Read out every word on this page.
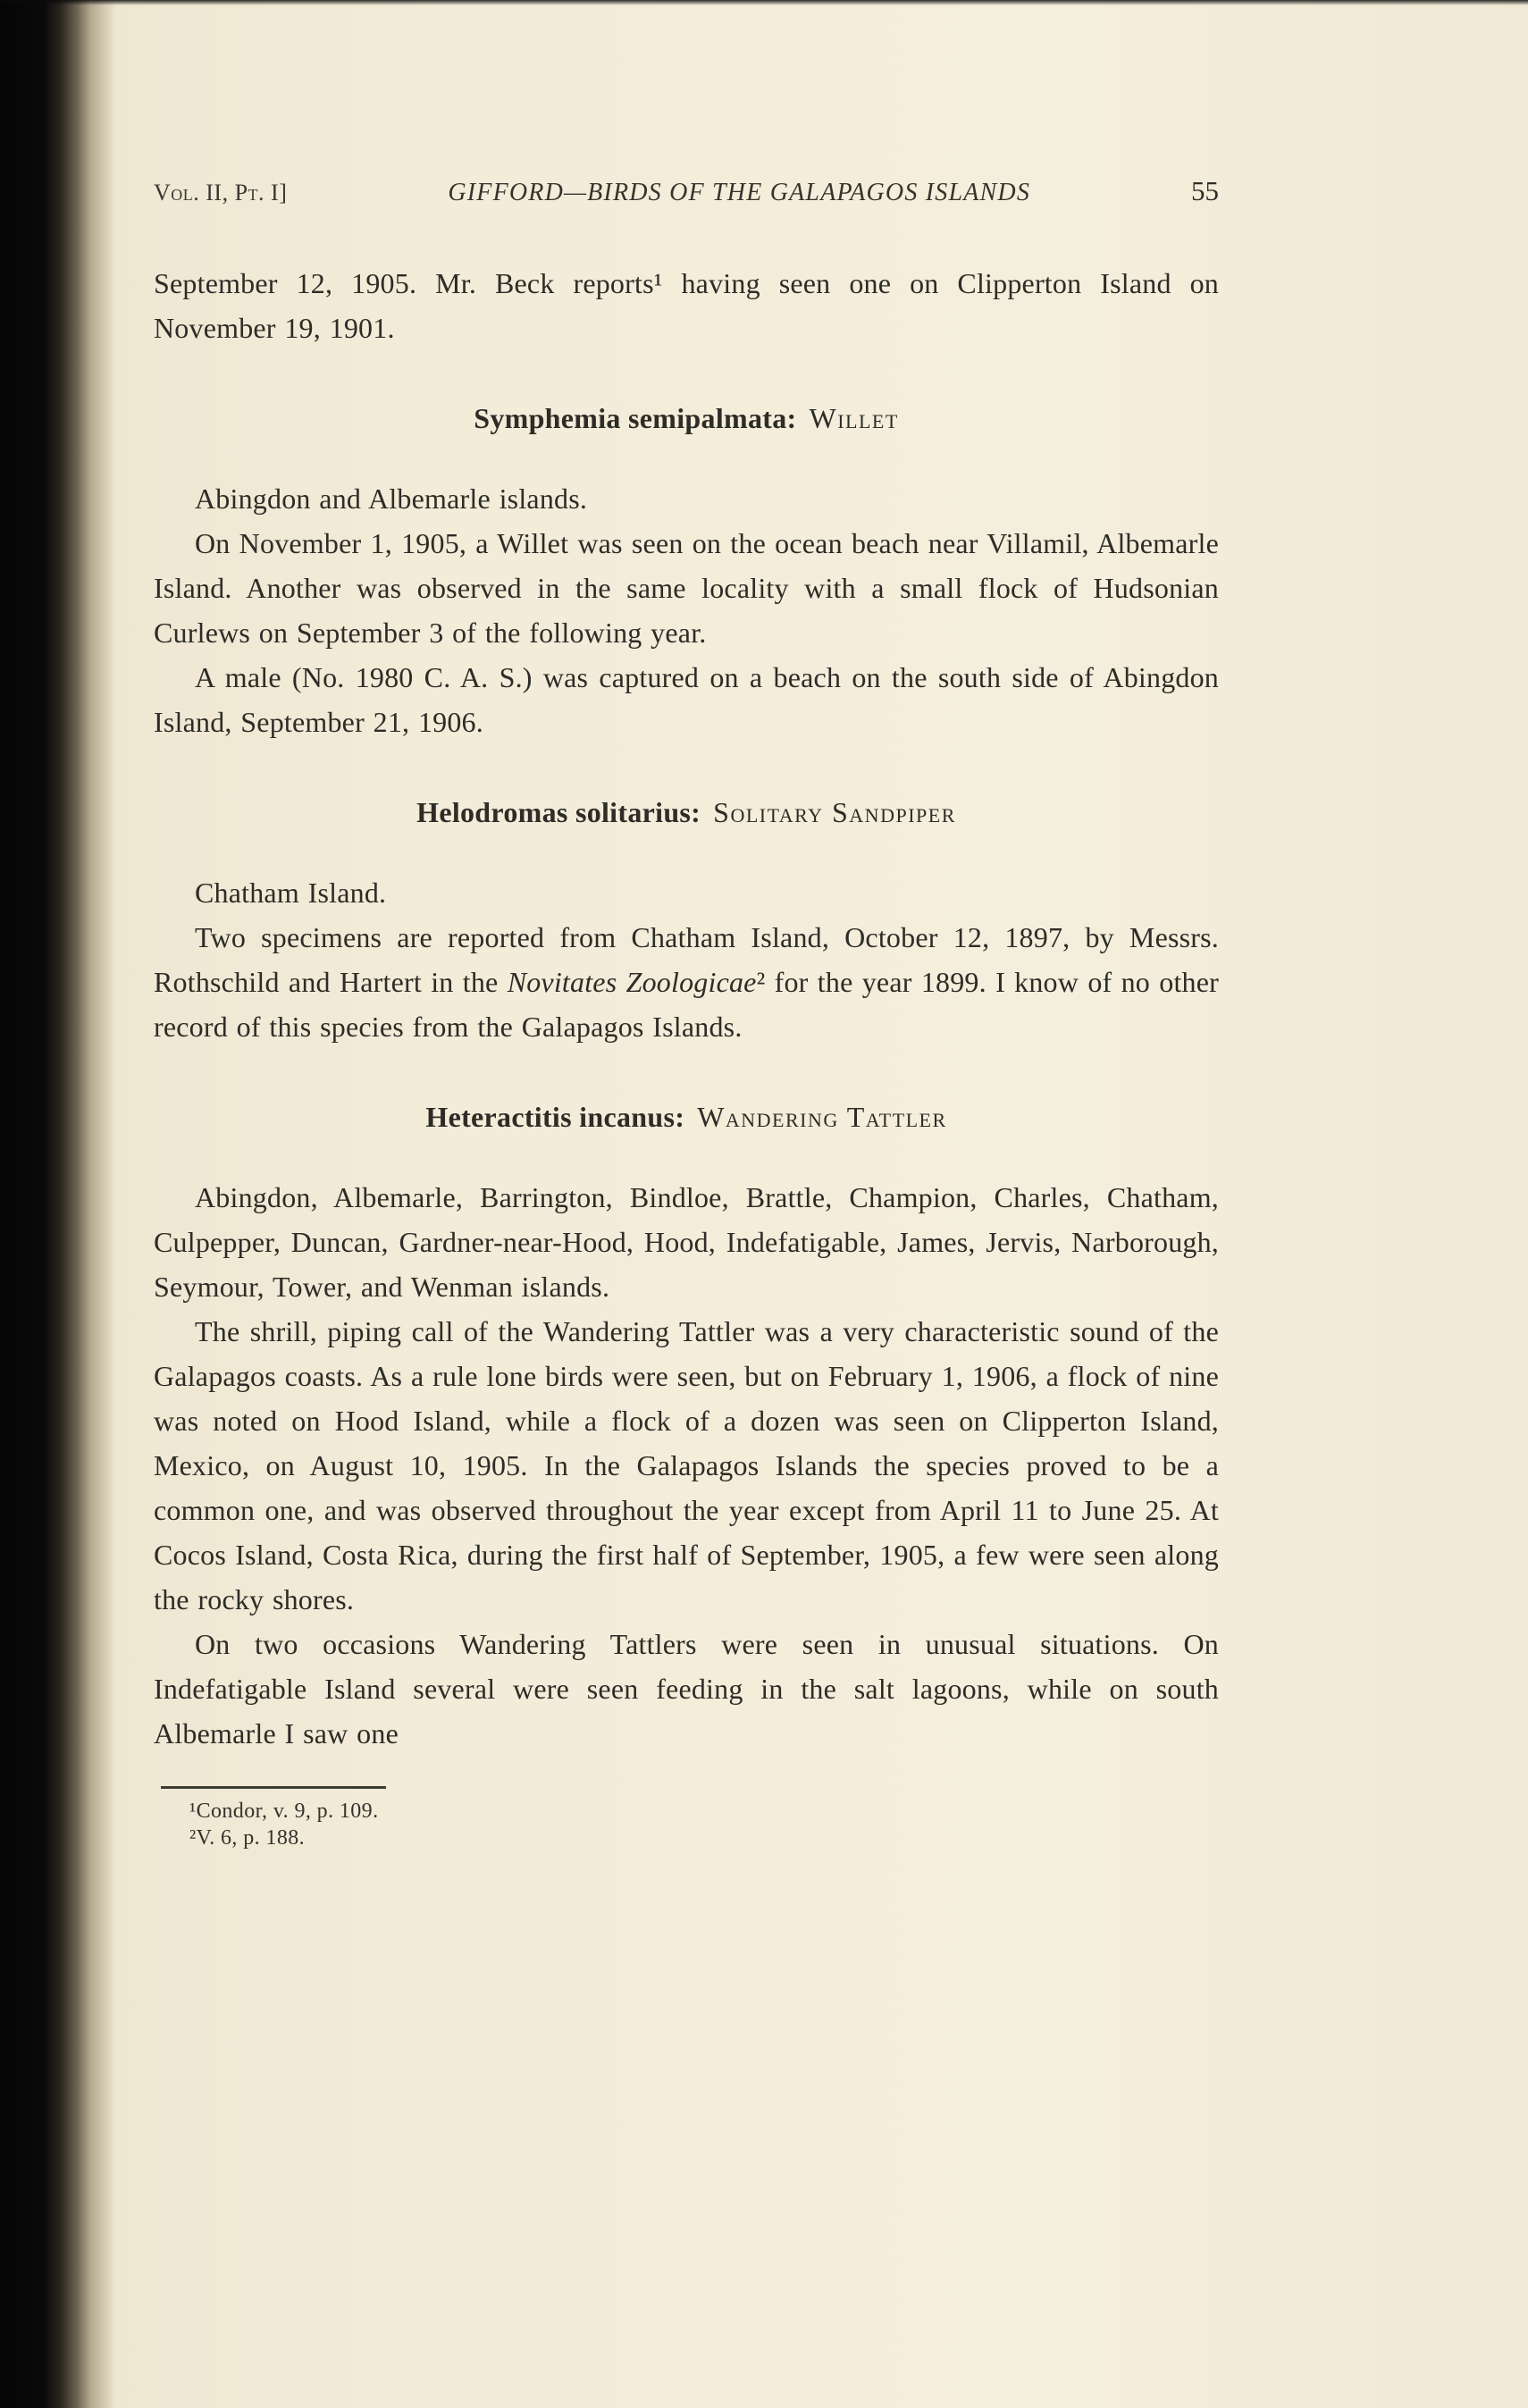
Vol. II, Pt. I]	GIFFORD—BIRDS OF THE GALAPAGOS ISLANDS	55

September 12, 1905. Mr. Beck reports¹ having seen one on Clipperton Island on November 19, 1901.

Symphemia semipalmata: Willet

Abingdon and Albemarle islands.

On November 1, 1905, a Willet was seen on the ocean beach near Villamil, Albemarle Island. Another was observed in the same locality with a small flock of Hudsonian Curlews on September 3 of the following year.

A male (No. 1980 C. A. S.) was captured on a beach on the south side of Abingdon Island, September 21, 1906.

Helodromas solitarius: Solitary Sandpiper

Chatham Island.

Two specimens are reported from Chatham Island, October 12, 1897, by Messrs. Rothschild and Hartert in the Novitates Zoologicae² for the year 1899. I know of no other record of this species from the Galapagos Islands.

Heteractitis incanus: Wandering Tattler

Abingdon, Albemarle, Barrington, Bindloe, Brattle, Champion, Charles, Chatham, Culpepper, Duncan, Gardner-near-Hood, Hood, Indefatigable, James, Jervis, Narborough, Seymour, Tower, and Wenman islands.

The shrill, piping call of the Wandering Tattler was a very characteristic sound of the Galapagos coasts. As a rule lone birds were seen, but on February 1, 1906, a flock of nine was noted on Hood Island, while a flock of a dozen was seen on Clipperton Island, Mexico, on August 10, 1905. In the Galapagos Islands the species proved to be a common one, and was observed throughout the year except from April 11 to June 25. At Cocos Island, Costa Rica, during the first half of September, 1905, a few were seen along the rocky shores.

On two occasions Wandering Tattlers were seen in unusual situations. On Indefatigable Island several were seen feeding in the salt lagoons, while on south Albemarle I saw one

¹Condor, v. 9, p. 109.
²V. 6, p. 188.
